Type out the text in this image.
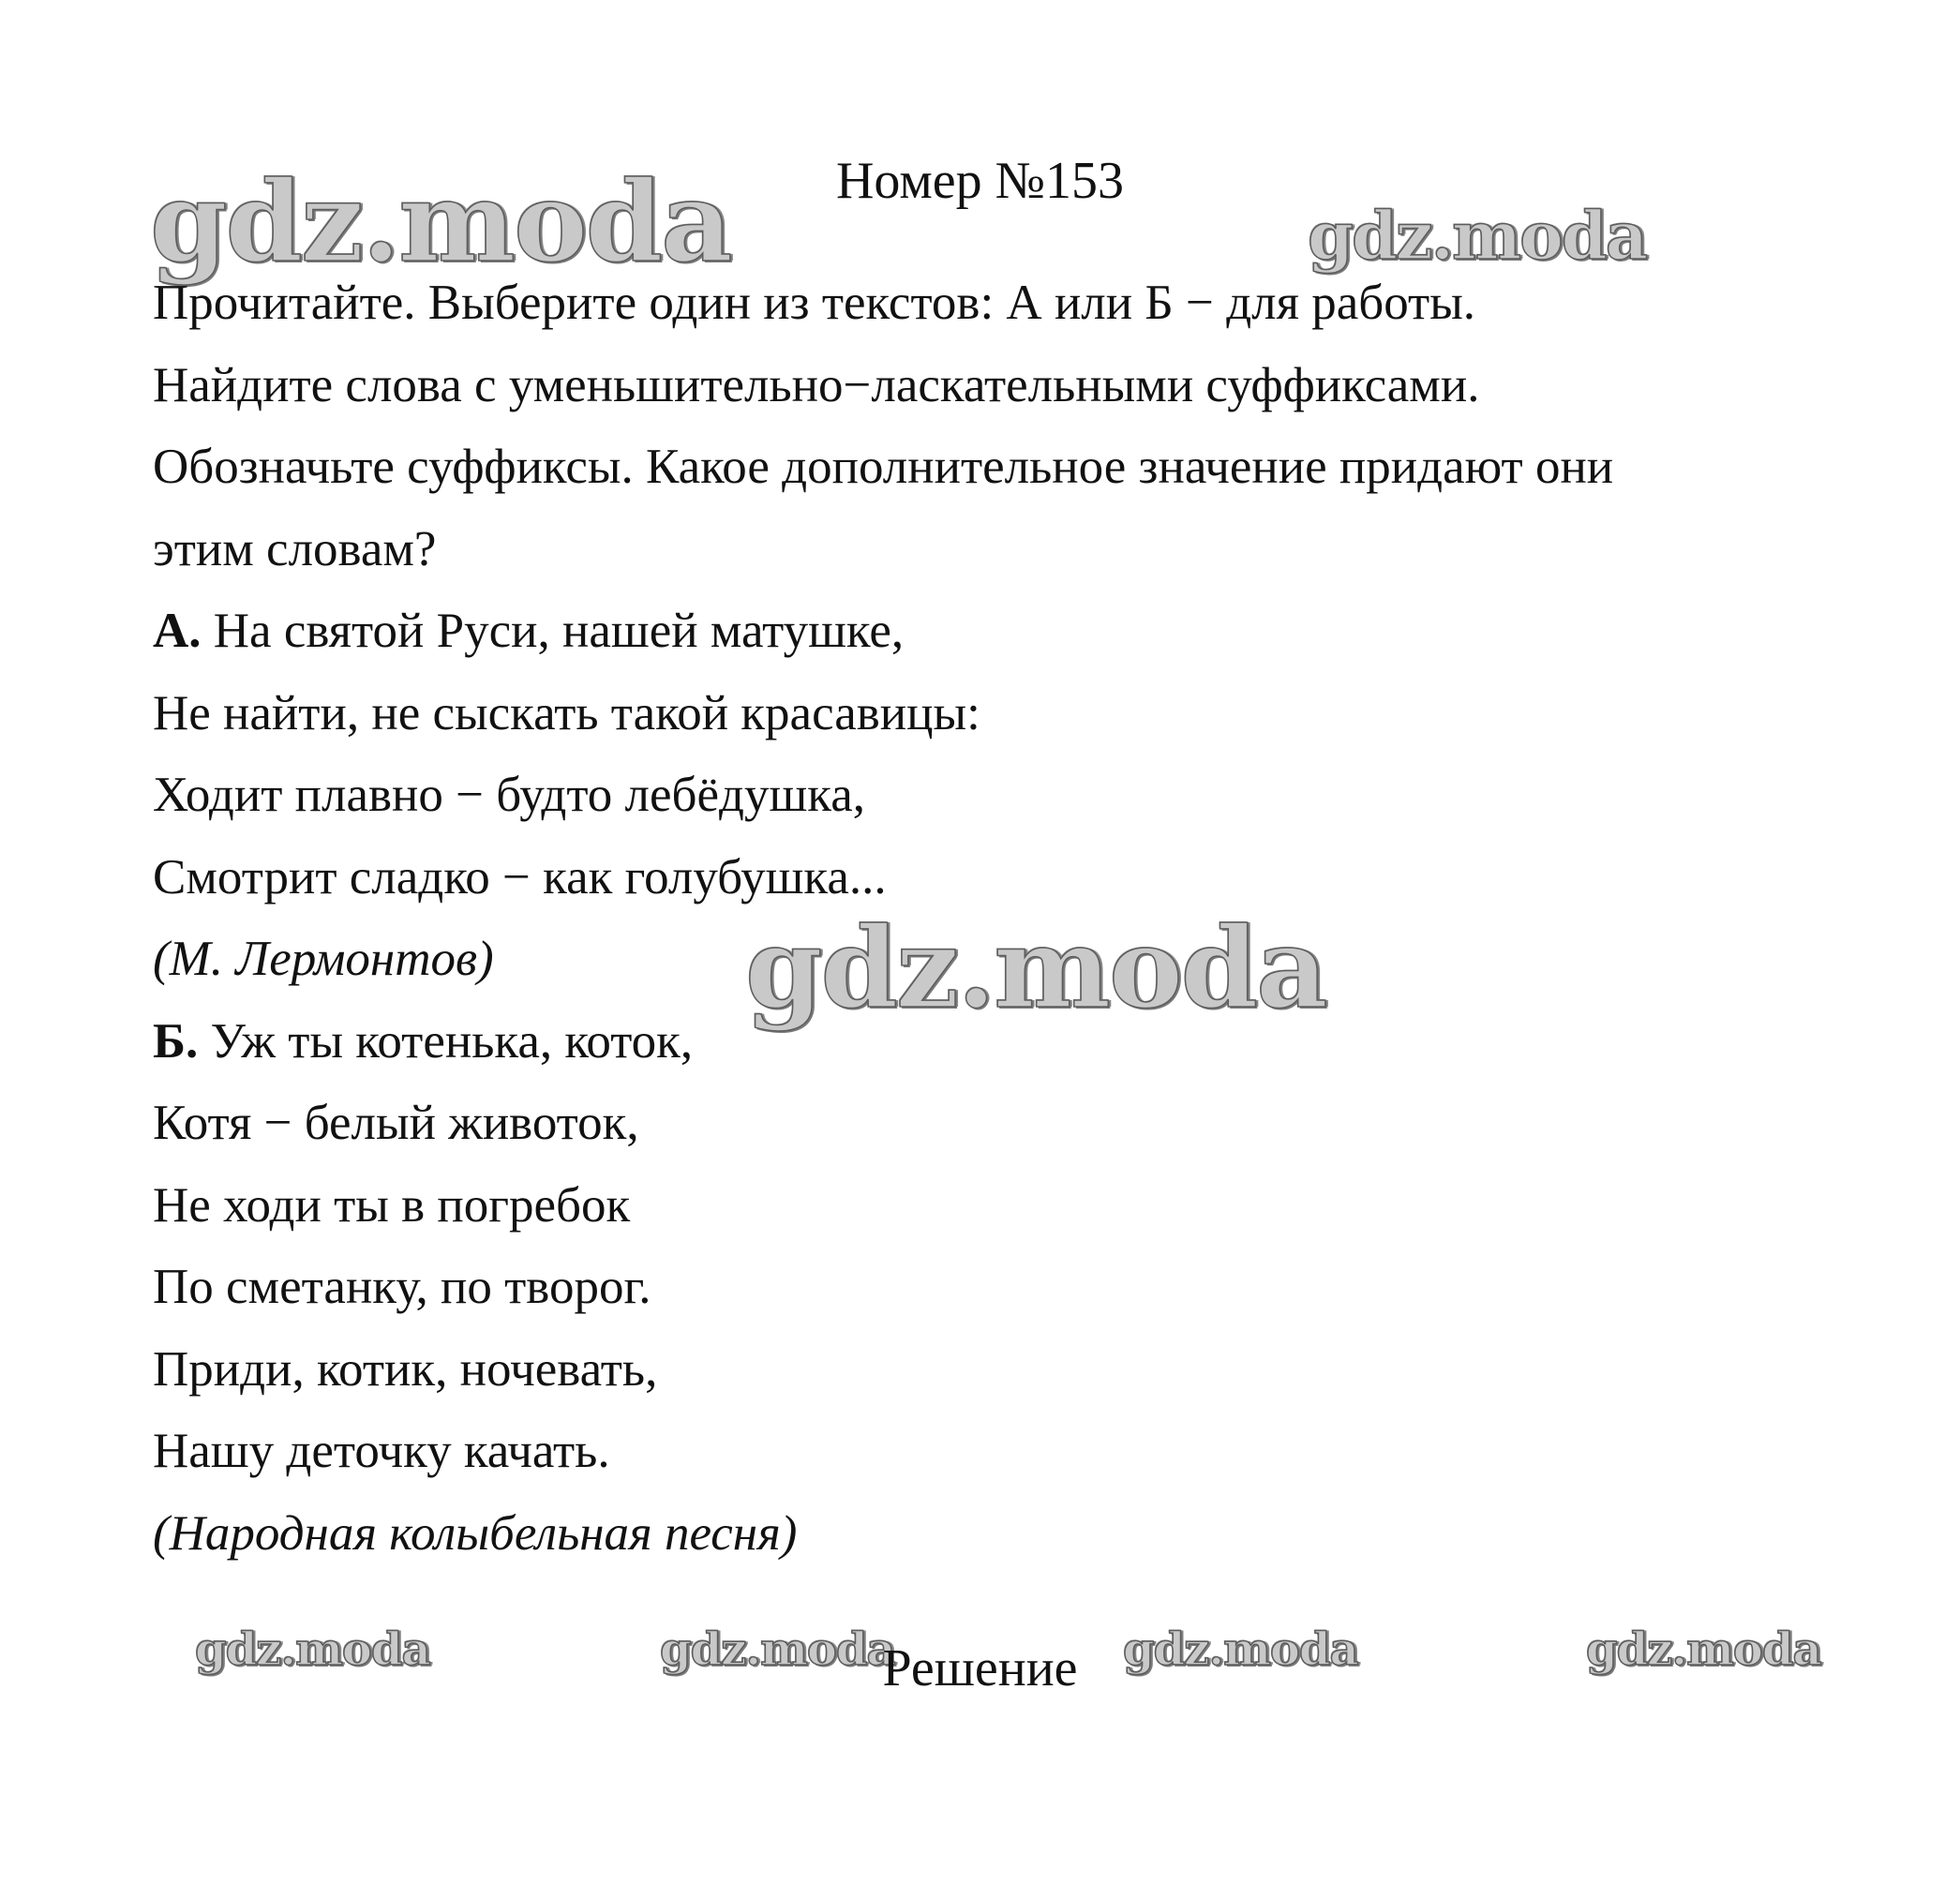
gdz.moda	gdz.moda
gdz.moda
gdz.moda	gdz.moda	gdz.moda	gdz.moda
Номер №153
Прочитайте. Выберите один из текстов: А или Б − для работы.
Найдите слова с уменьшительно−ласкательными суффиксами.
Обозначьте суффиксы. Какое дополнительное значение придают они
этим словам?
А. На святой Руси, нашей матушке,
Не найти, не сыскать такой красавицы:
Ходит плавно − будто лебёдушка,
Смотрит сладко − как голубушка...
(М. Лермонтов)
Б. Уж ты котенька, коток,
Котя − белый животок,
Не ходи ты в погребок
По сметанку, по творог.
Приди, котик, ночевать,
Нашу деточку качать.
(Народная колыбельная песня)
Решение
